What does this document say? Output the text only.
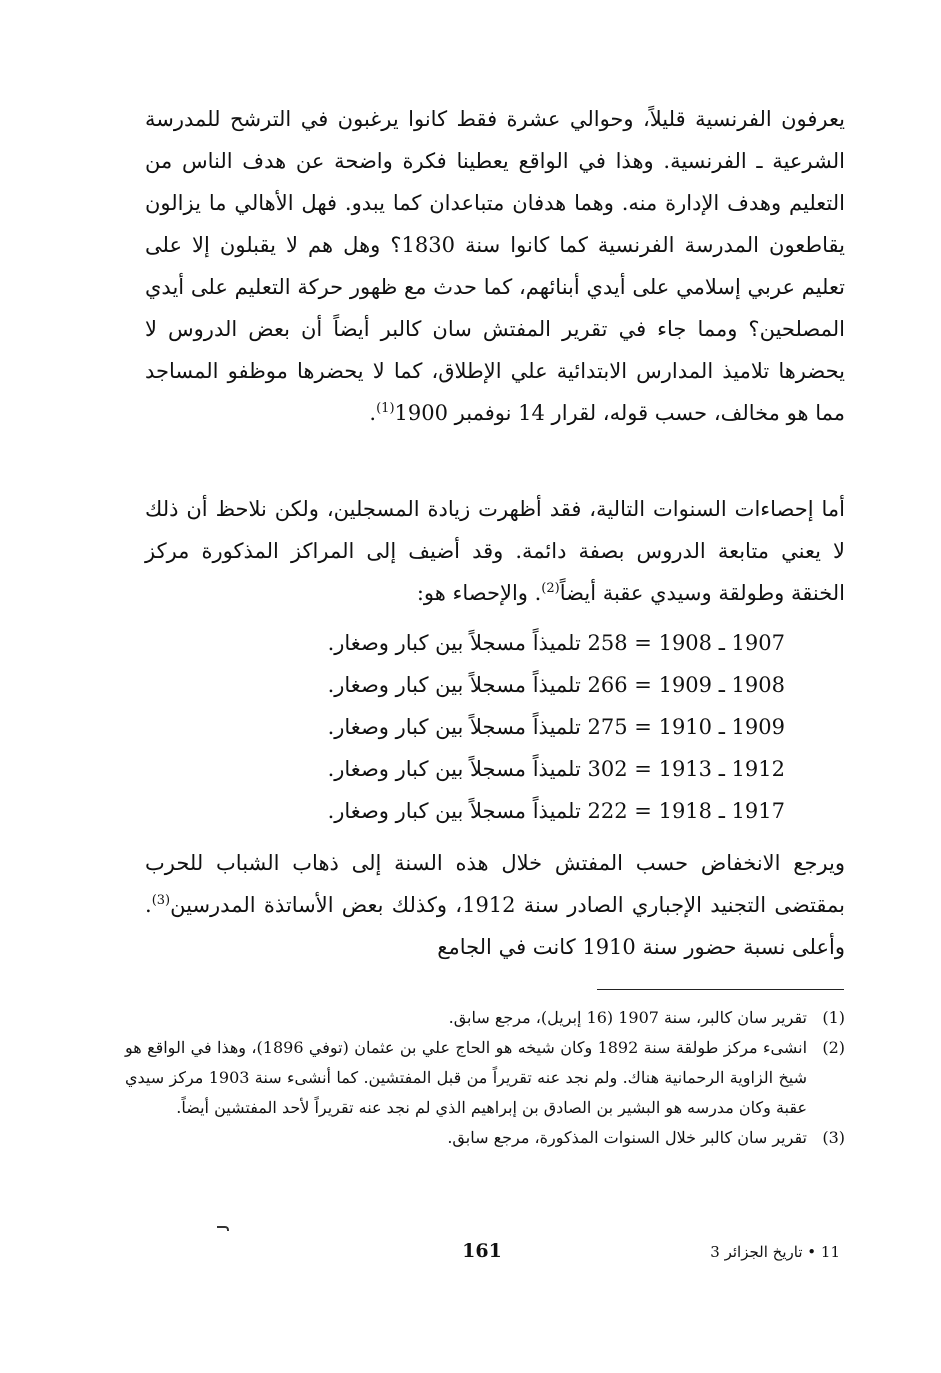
يعرفون الفرنسية قليلاً، وحوالي عشرة فقط كانوا يرغبون في الترشح للمدرسة الشرعية ـ الفرنسية. وهذا في الواقع يعطينا فكرة واضحة عن هدف الناس من التعليم وهدف الإدارة منه. وهما هدفان متباعدان كما يبدو. فهل الأهالي ما يزالون يقاطعون المدرسة الفرنسية كما كانوا سنة 1830؟ وهل هم لا يقبلون إلا على تعليم عربي إسلامي على أيدي أبنائهم، كما حدث مع ظهور حركة التعليم على أيدي المصلحين؟ ومما جاء في تقرير المفتش سان كالبر أيضاً أن بعض الدروس لا يحضرها تلاميذ المدارس الابتدائية علي الإطلاق، كما لا يحضرها موظفو المساجد مما هو مخالف، حسب قوله، لقرار 14 نوفمبر 1900$^{(1)}$.

أما إحصاءات السنوات التالية، فقد أظهرت زيادة المسجلين، ولكن نلاحظ أن ذلك لا يعني متابعة الدروس بصفة دائمة. وقد أضيف إلى المراكز المذكورة مركز الخنقة وطولقة وسيدي عقبة أيضاً$^{(2)}$. والإحصاء هو:

1907 ـ 1908 = 258 تلميذاً مسجلاً بين كبار وصغار.
1908 ـ 1909 = 266 تلميذاً مسجلاً بين كبار وصغار.
1909 ـ 1910 = 275 تلميذاً مسجلاً بين كبار وصغار.
1912 ـ 1913 = 302 تلميذاً مسجلاً بين كبار وصغار.
1917 ـ 1918 = 222 تلميذاً مسجلاً بين كبار وصغار.

ويرجع الانخفاض حسب المفتش خلال هذه السنة إلى ذهاب الشباب للحرب بمقتضى التجنيد الإجباري الصادر سنة 1912، وكذلك بعض الأساتذة المدرسين$^{(3)}$. وأعلى نسبة حضور سنة 1910 كانت في الجامع

(1)
تقرير سان كالبر، سنة 1907 (16 إبريل)، مرجع سابق.
(2)
انشىء مركز طولقة سنة 1892 وكان شيخه هو الحاج علي بن عثمان (توفي 1896)، وهذا في الواقع هو شيخ الزاوية الرحمانية هناك. ولم نجد عنه تقريراً من قبل المفتشين. كما أنشىء سنة 1903 مركز سيدي عقبة وكان مدرسه هو البشير بن الصادق بن إبراهيم الذي لم نجد عنه تقريراً لأحد المفتشين أيضاً.
(3)
تقرير سان كالبر خلال السنوات المذكورة، مرجع سابق.
161	11 • تاريخ الجزائر 3
